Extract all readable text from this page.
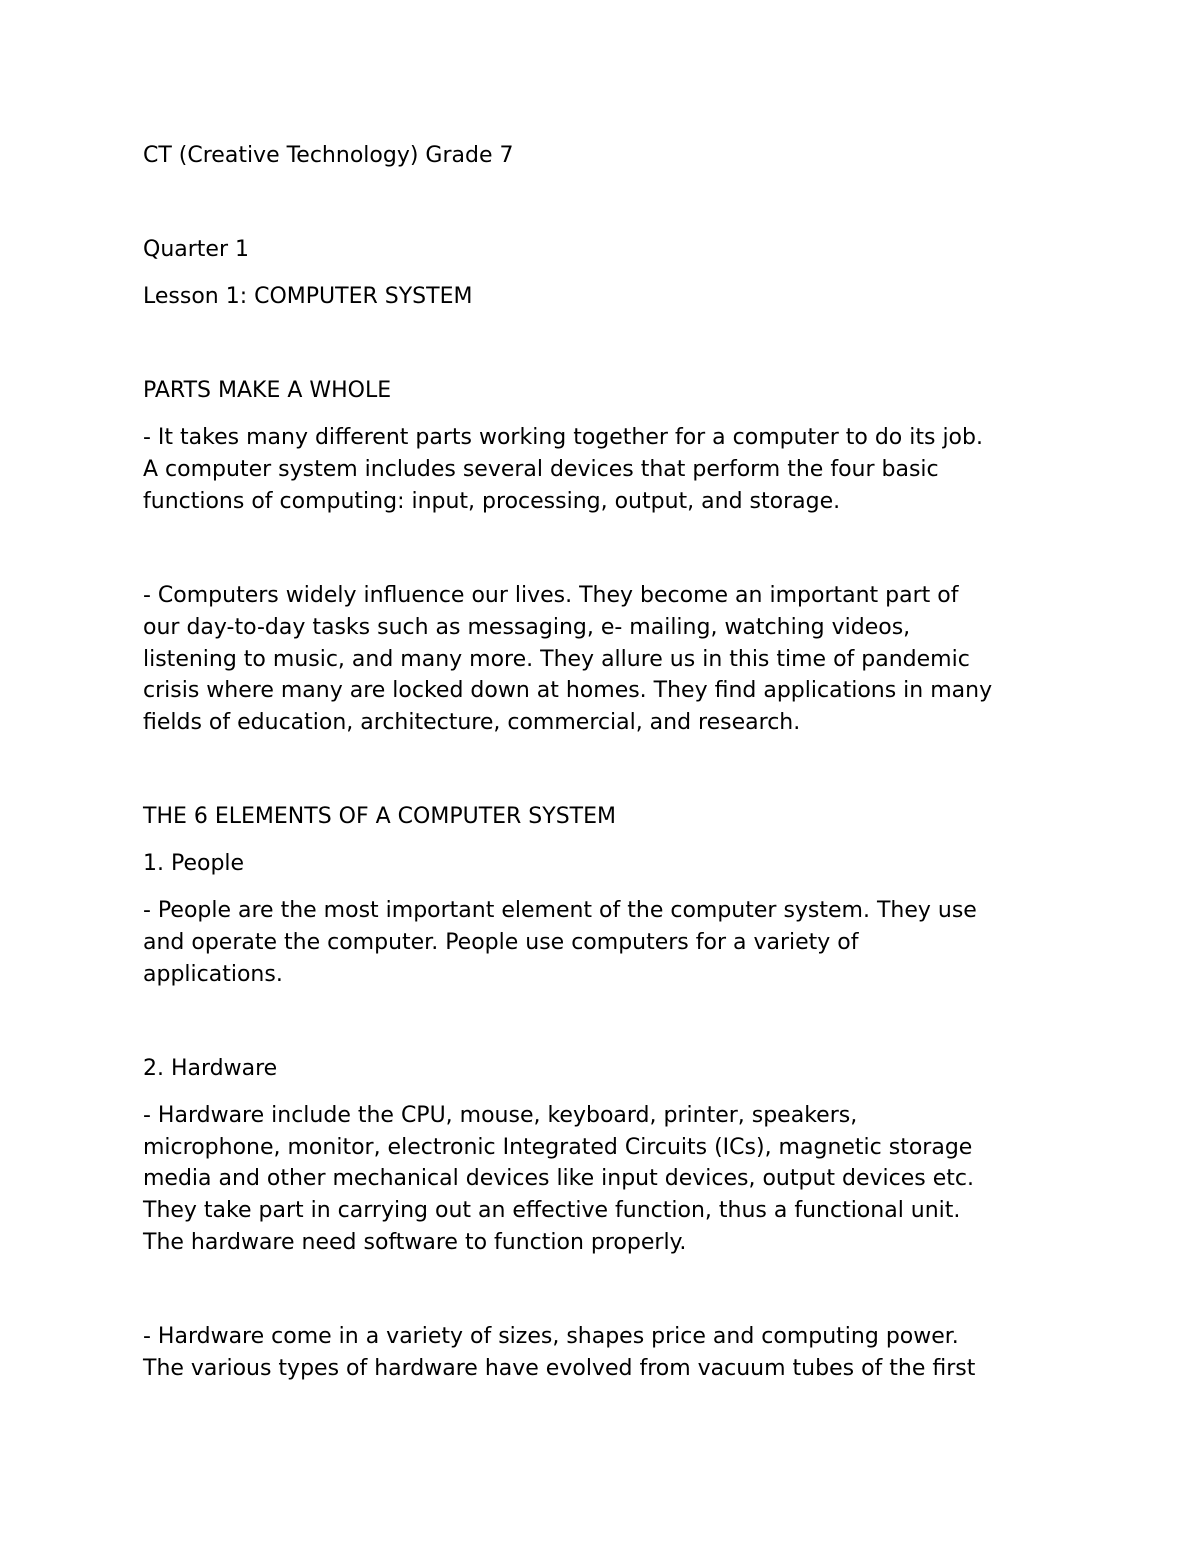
CT (Creative Technology) Grade 7

Quarter 1

Lesson 1: COMPUTER SYSTEM

PARTS MAKE A WHOLE

- It takes many different parts working together for a computer to do its job.

A computer system includes several devices that perform the four basic

functions of computing: input, processing, output, and storage.

- Computers widely influence our lives. They become an important part of

our day-to-day tasks such as messaging, e- mailing, watching videos,

listening to music, and many more. They allure us in this time of pandemic

crisis where many are locked down at homes. They find applications in many

fields of education, architecture, commercial, and research.

THE 6 ELEMENTS OF A COMPUTER SYSTEM

1. People

- People are the most important element of the computer system. They use

and operate the computer. People use computers for a variety of

applications.

2. Hardware

- Hardware include the CPU, mouse, keyboard, printer, speakers,

microphone, monitor, electronic Integrated Circuits (ICs), magnetic storage

media and other mechanical devices like input devices, output devices etc.

They take part in carrying out an effective function, thus a functional unit.

The hardware need software to function properly.

- Hardware come in a variety of sizes, shapes price and computing power.

The various types of hardware have evolved from vacuum tubes of the first
